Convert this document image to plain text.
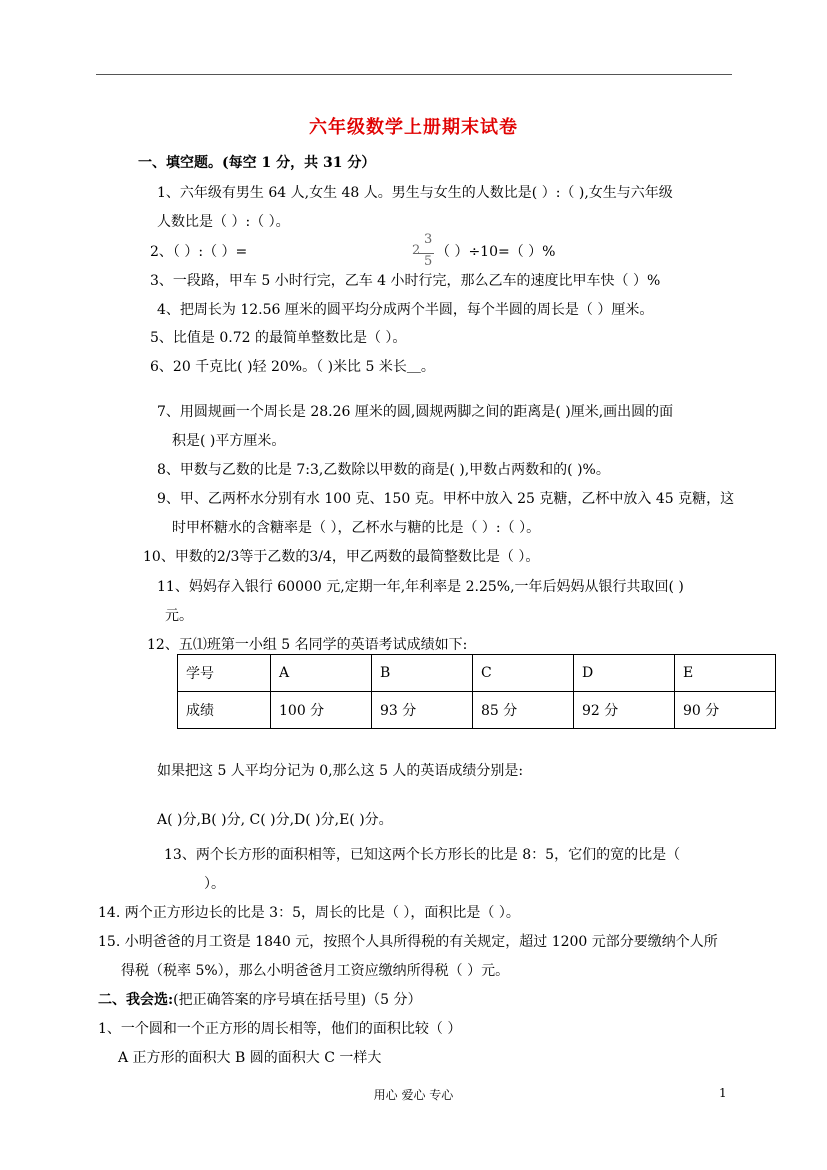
六年级数学上册期末试卷
一、填空题。(每空 1 分，共 31 分）
1、六年级有男生 64 人,女生 48 人。男生与女生的人数比是( ）:（ ),女生与六年级
人数比是（ ）:（ ）。
2、（ ）:（ ）=	2
3
5
（ ）÷10=（ ）%
3、一段路，甲车 5 小时行完，乙车 4 小时行完，那么乙车的速度比甲车快（ ）%
4、把周长为 12.56 厘米的圆平均分成两个半圆，每个半圆的周长是（ ）厘米。
5、比值是 0.72 的最简单整数比是（ ）。
6、20 千克比( )轻 20%。（ )米比 5 米长＿。
7、用圆规画一个周长是 28.26 厘米的圆,圆规两脚之间的距离是( )厘米,画出圆的面
积是( )平方厘米。
8、甲数与乙数的比是 7:3,乙数除以甲数的商是( ),甲数占两数和的( )%。
9、甲、乙两杯水分别有水 100 克、150 克。甲杯中放入 25 克糖，乙杯中放入 45 克糖，这
时甲杯糖水的含糖率是（ ），乙杯水与糖的比是（ ）:（ ）。
10、甲数的2/3等于乙数的3/4，甲乙两数的最简整数比是（ ）。
11、妈妈存入银行 60000 元,定期一年,年利率是 2.25%,一年后妈妈从银行共取回( )
元。
12、五⑴班第一小组 5 名同学的英语考试成绩如下:
学号	A	B	C	D	E
成绩	100 分	93 分	85 分	92 分	90 分
如果把这 5 人平均分记为 0,那么这 5 人的英语成绩分别是:
A( )分,B( )分, C( )分,D( )分,E( )分。
13、两个长方形的面积相等，已知这两个长方形长的比是 8：5，它们的宽的比是（
）。
14. 两个正方形边长的比是 3：5，周长的比是（ ），面积比是（ ）。
15. 小明爸爸的月工资是 1840 元，按照个人具所得税的有关规定，超过 1200 元部分要缴纳个人所
得税（税率 5%），那么小明爸爸月工资应缴纳所得税（ ）元。
二、我会选:(把正确答案的序号填在括号里)（5 分）
1、一个圆和一个正方形的周长相等，他们的面积比较（ ）
A 正方形的面积大 B 圆的面积大 C 一样大
用心 爱心 专心	1
